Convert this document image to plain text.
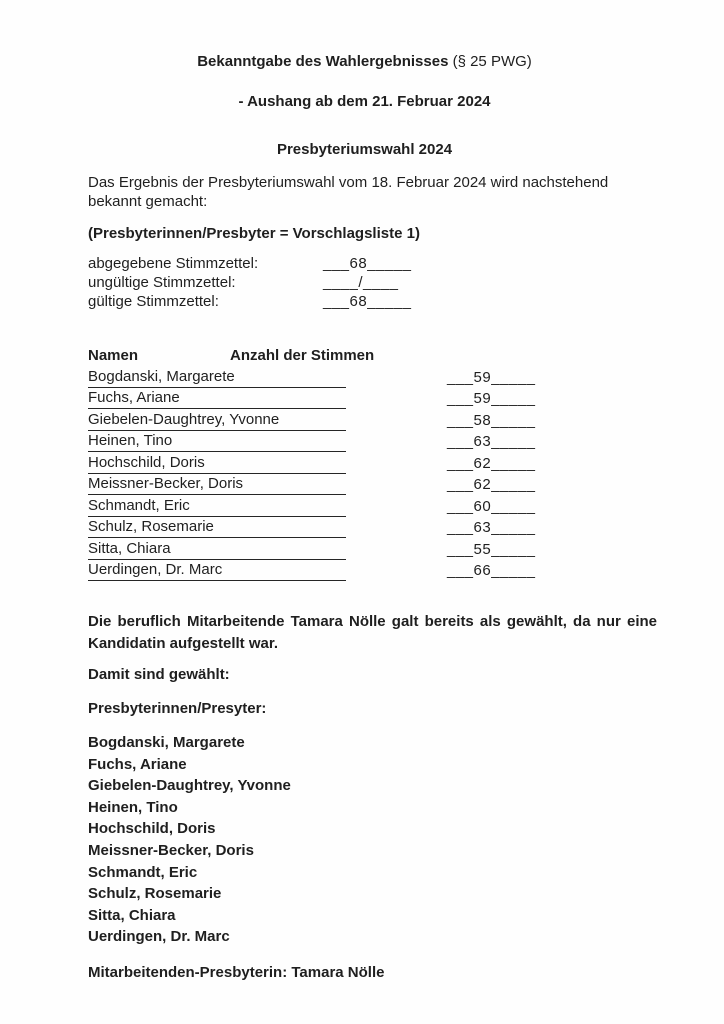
Bekanntgabe des Wahlergebnisses (§ 25 PWG)

- Aushang ab dem 21. Februar 2024

Presbyteriumswahl 2024

Das Ergebnis der Presbyteriumswahl vom 18. Februar 2024 wird nachstehend bekannt gemacht:

(Presbyterinnen/Presbyter = Vorschlagsliste 1)

abgegebene Stimmzettel:	___68_____
ungültige Stimmzettel:	____/____
gültige Stimmzettel:	___68_____
Namen	Anzahl der Stimmen
Bogdanski, Margarete	___59_____
Fuchs, Ariane	___59_____
Giebelen-Daughtrey, Yvonne	___58_____
Heinen, Tino	___63_____
Hochschild, Doris	___62_____
Meissner-Becker, Doris	___62_____
Schmandt, Eric	___60_____
Schulz, Rosemarie	___63_____
Sitta, Chiara	___55_____
Uerdingen, Dr. Marc	___66_____

Die beruflich Mitarbeitende Tamara Nölle galt bereits als gewählt, da nur eine Kandidatin aufgestellt war.

Damit sind gewählt:

Presbyterinnen/Presyter:

Bogdanski, Margarete
Fuchs, Ariane
Giebelen-Daughtrey, Yvonne
Heinen, Tino
Hochschild, Doris
Meissner-Becker, Doris
Schmandt, Eric
Schulz, Rosemarie
Sitta, Chiara
Uerdingen, Dr. Marc

Mitarbeitenden-Presbyterin: Tamara Nölle
